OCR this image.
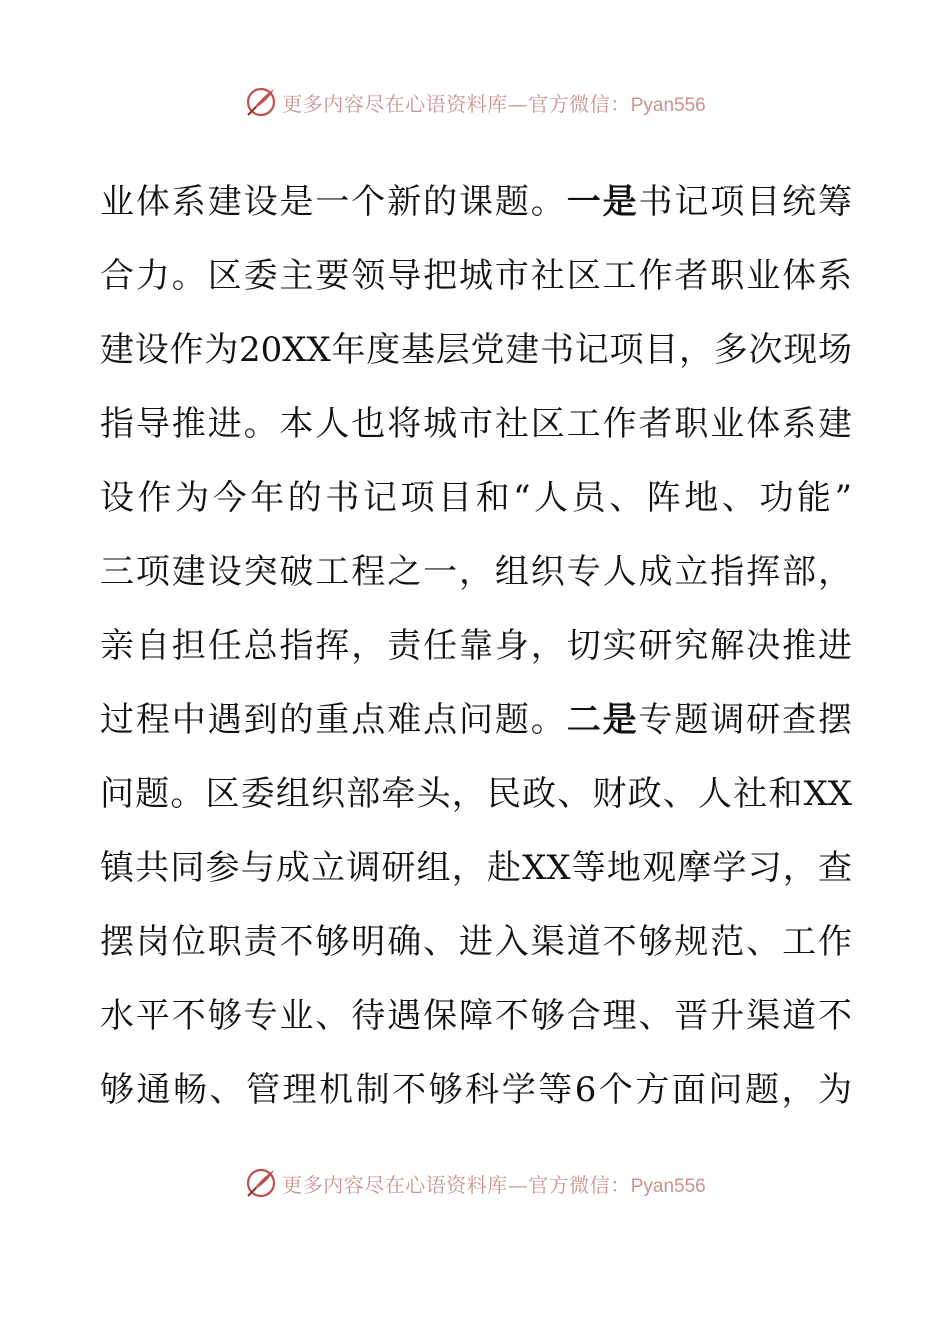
更多内容尽在心语资料库—官方微信： Pyan556
业体系建设是一个新的课题。一是书记项目统筹
合力。区委主要领导把城市社区工作者职业体系
建设作为20XX年度基层党建书记项目，多次现场
指导推进。本人也将城市社区工作者职业体系建
设作为今年的书记项目和“人员、阵地、功能”
三项建设突破工程之一，组织专人成立指挥部，
亲自担任总指挥，责任靠身，切实研究解决推进
过程中遇到的重点难点问题。二是专题调研查摆
问题。区委组织部牵头，民政、财政、人社和XX
镇共同参与成立调研组，赴XX等地观摩学习，查
摆岗位职责不够明确、进入渠道不够规范、工作
水平不够专业、待遇保障不够合理、晋升渠道不
够通畅、管理机制不够科学等6个方面问题，为
更多内容尽在心语资料库—官方微信： Pyan556
